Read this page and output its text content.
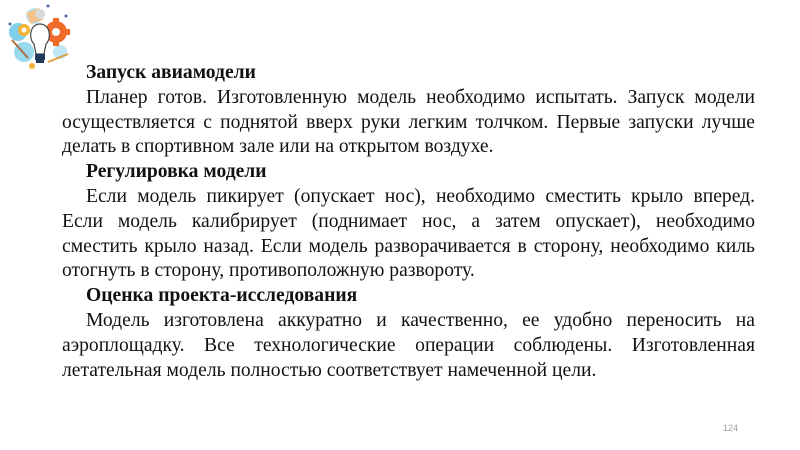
Запуск авиамодели

Планер готов. Изготовленную модель необходимо испытать. Запуск модели осуществляется с поднятой вверх руки легким толчком. Первые запуски лучше делать в спортивном зале или на открытом воздухе.

Регулировка модели

Если модель пикирует (опускает нос), необходимо сместить крыло вперед. Если модель калибрирует (поднимает нос, а затем опускает), необходимо сместить крыло назад. Если модель разворачивается в сторону, необходимо киль отогнуть в сторону, противоположную развороту.

Оценка проекта-исследования

Модель изготовлена аккуратно и качественно, ее удобно переносить на аэроплощадку. Все технологические операции соблюдены. Изготовленная летательная модель полностью соответствует намеченной цели.

124
